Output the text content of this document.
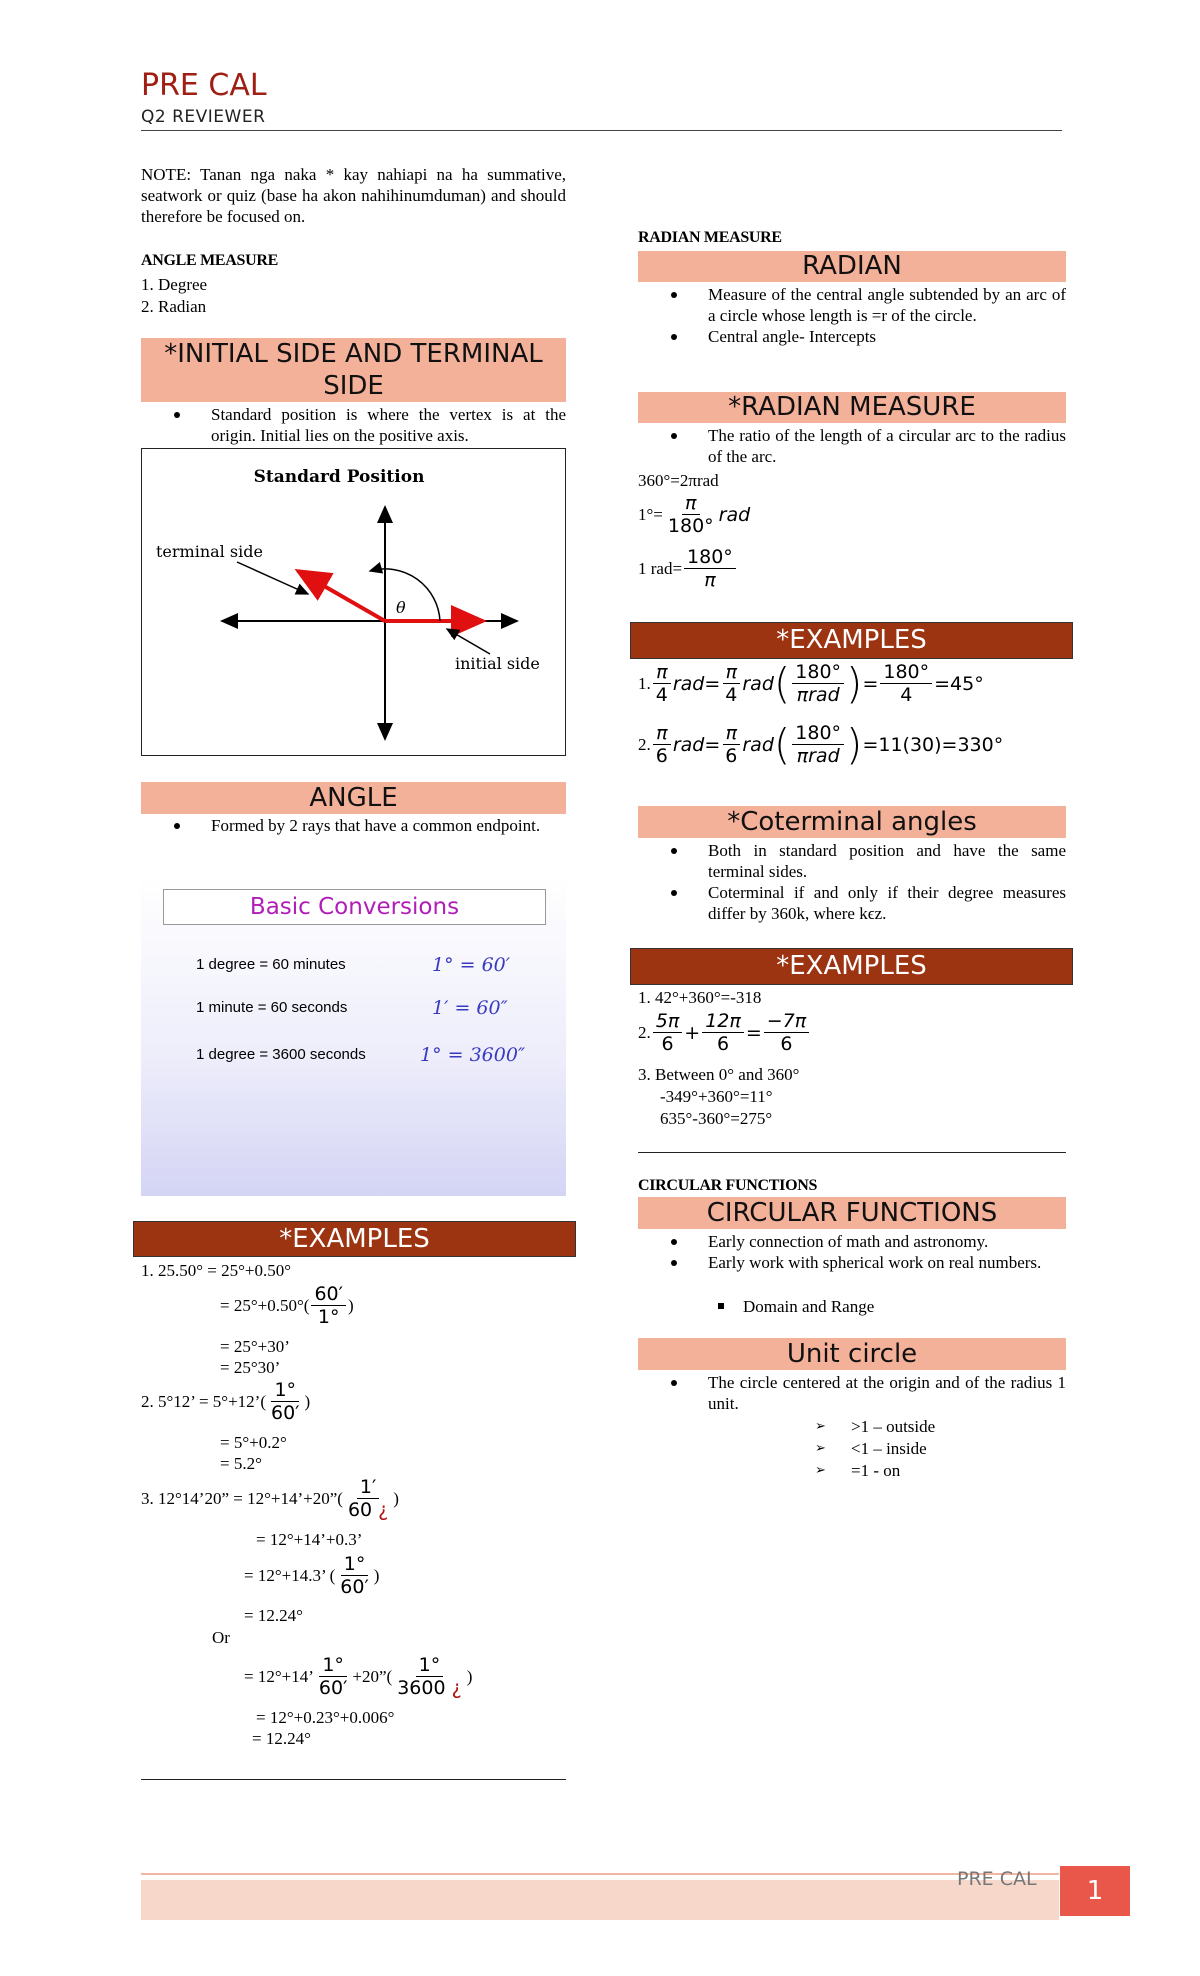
PRE CAL
Q2 REVIEWER
NOTE: Tanan nga naka * kay nahiapi na ha summative, seatwork or quiz (base ha akon nahihinumduman) and should therefore be focused on.
ANGLE MEASURE
1. Degree
2. Radian
*INITIAL SIDE AND TERMINAL SIDE
Standard position is where the vertex is at the origin. Initial lies on the positive axis.
Standard Position
θ
terminal side
initial side
ANGLE
Formed by 2 rays that have a common endpoint.
Basic Conversions
1 degree = 60 minutes	1° = 60′
1 minute = 60 seconds	1′ = 60″
1 degree = 3600 seconds	1° = 3600″
*EXAMPLES
1. 25.50° = 25°+0.50°
= $25^\circ+0.50^\circ( \frac{60'}{1^\circ}$ )
= 25°+30’
= 25°30’
2. 5°12’ = 5°+12’( $\frac{1^\circ}{60'}$ )
= 5°+0.2°
= 5.2°
3. 12°14’20” = 12°+14’+20”( $\frac{1'}{60 ¿}$ )
= 12°+14’+0.3’
= 12°+14.3’ ( $\frac{1^\circ}{60'}$ )
= 12.24°
Or
= 12°+14’ $\frac{1^\circ}{60'}$ +20”( $\frac{1^\circ}{3600 ¿}$ )
= 12°+0.23°+0.006°
= 12.24°
RADIAN MEASURE
RADIAN
Measure of the central angle subtended by an arc of a circle whose length is =r of the circle.
Central angle- Intercepts
*RADIAN MEASURE
The ratio of the length of a circular arc to the radius of the arc.
360°=2πrad
$1^\circ= \frac{\pi}{180^\circ}$ rad
1 $rad= \frac{180^\circ}{\pi}$
*EXAMPLES
1. $\frac{\pi}{4}$ rad = $\frac{\pi}{4}$ rad ( $\frac{180^\circ}{\text{πrad}}$ ) = $\frac{180^\circ}{4} =45^\circ$
2. $\frac{\pi}{6}$ rad = $\frac{\pi}{6}$ rad ( $\frac{180^\circ}{\text{πrad}}$ ) =11(30)=330°
*Coterminal angles
Both in standard position and have the same terminal sides.
Coterminal if and only if their degree measures differ by 360k, where kϵz.
*EXAMPLES
1. 42°+360°=-318
2. $\frac{5\pi}{6} + \frac{12\pi}{6} = \frac{-7\pi}{6}$
3. Between 0° and 360°
-349°+360°=11°
635°-360°=275°
CIRCULAR FUNCTIONS
CIRCULAR FUNCTIONS
Early connection of math and astronomy.
Early work with spherical work on real numbers.
Domain and Range
Unit circle
The circle centered at the origin and of the radius 1 unit.
➢ >1 – outside
➢ <1 – inside
➢ =1 - on
PRE CAL	1
